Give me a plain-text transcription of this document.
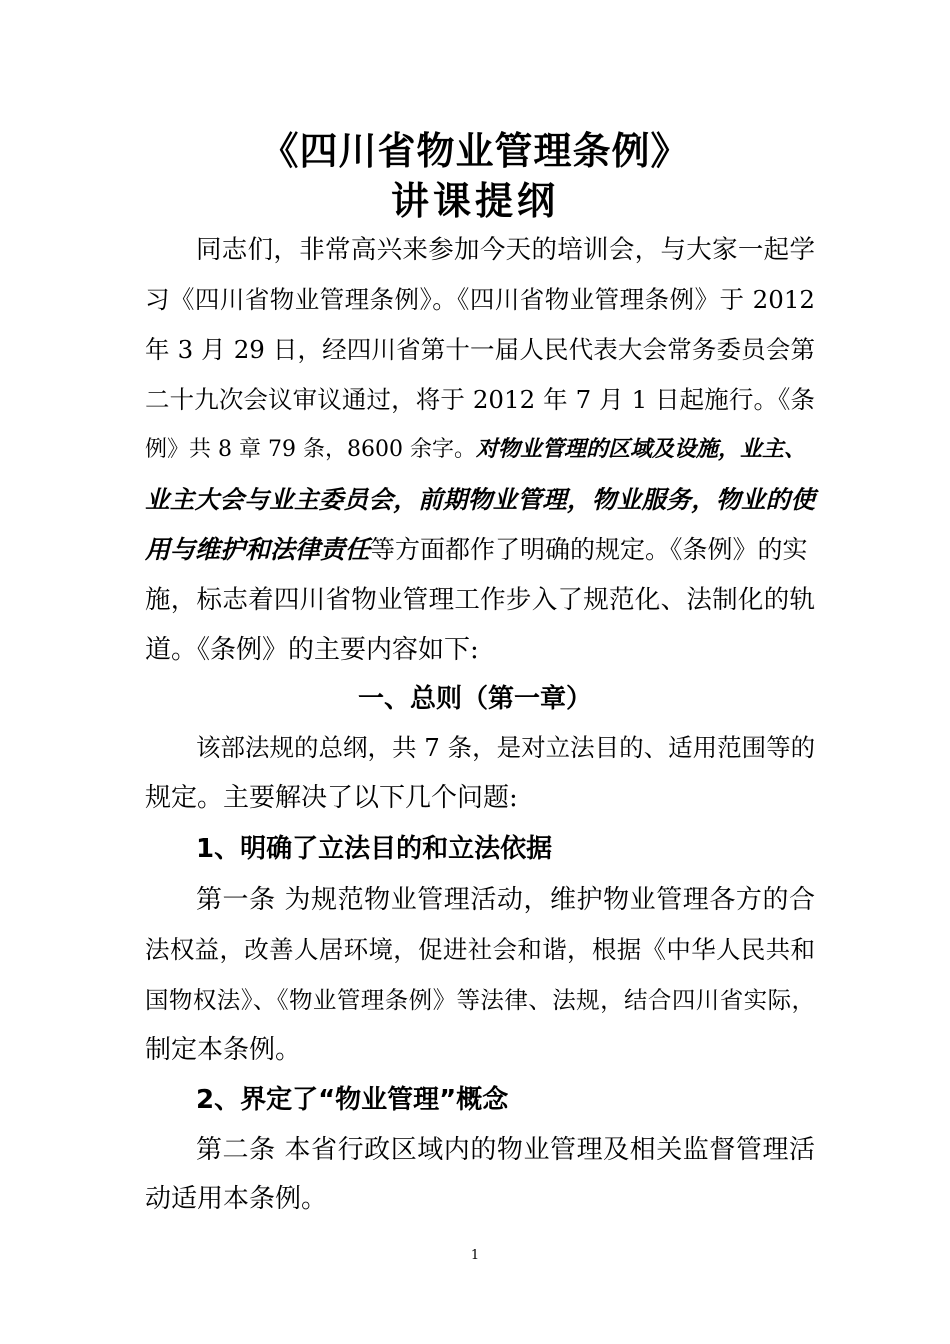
《四川省物业管理条例》
讲课提纲
同志们，非常高兴来参加今天的培训会，与大家一起学
习《四川省物业管理条例》。《四川省物业管理条例》于 2012
年 3 月 29 日，经四川省第十一届人民代表大会常务委员会第
二十九次会议审议通过，将于 2012 年 7 月 1 日起施行。《条
例》共 8 章 79 条，8600 余字。对物业管理的区域及设施，业主、
业主大会与业主委员会，前期物业管理，物业服务，物业的使
用与维护和法律责任等方面都作了明确的规定。《条例》的实
施，标志着四川省物业管理工作步入了规范化、法制化的轨
道。《条例》的主要内容如下:
一、总则（第一章）
该部法规的总纲，共 7 条，是对立法目的、适用范围等的
规定。主要解决了以下几个问题:
1、明确了立法目的和立法依据
第一条 为规范物业管理活动，维护物业管理各方的合
法权益，改善人居环境，促进社会和谐，根据《中华人民共和
国物权法》、《物业管理条例》等法律、法规，结合四川省实际，
制定本条例。
2、界定了“物业管理”概念
第二条 本省行政区域内的物业管理及相关监督管理活
动适用本条例。
1
